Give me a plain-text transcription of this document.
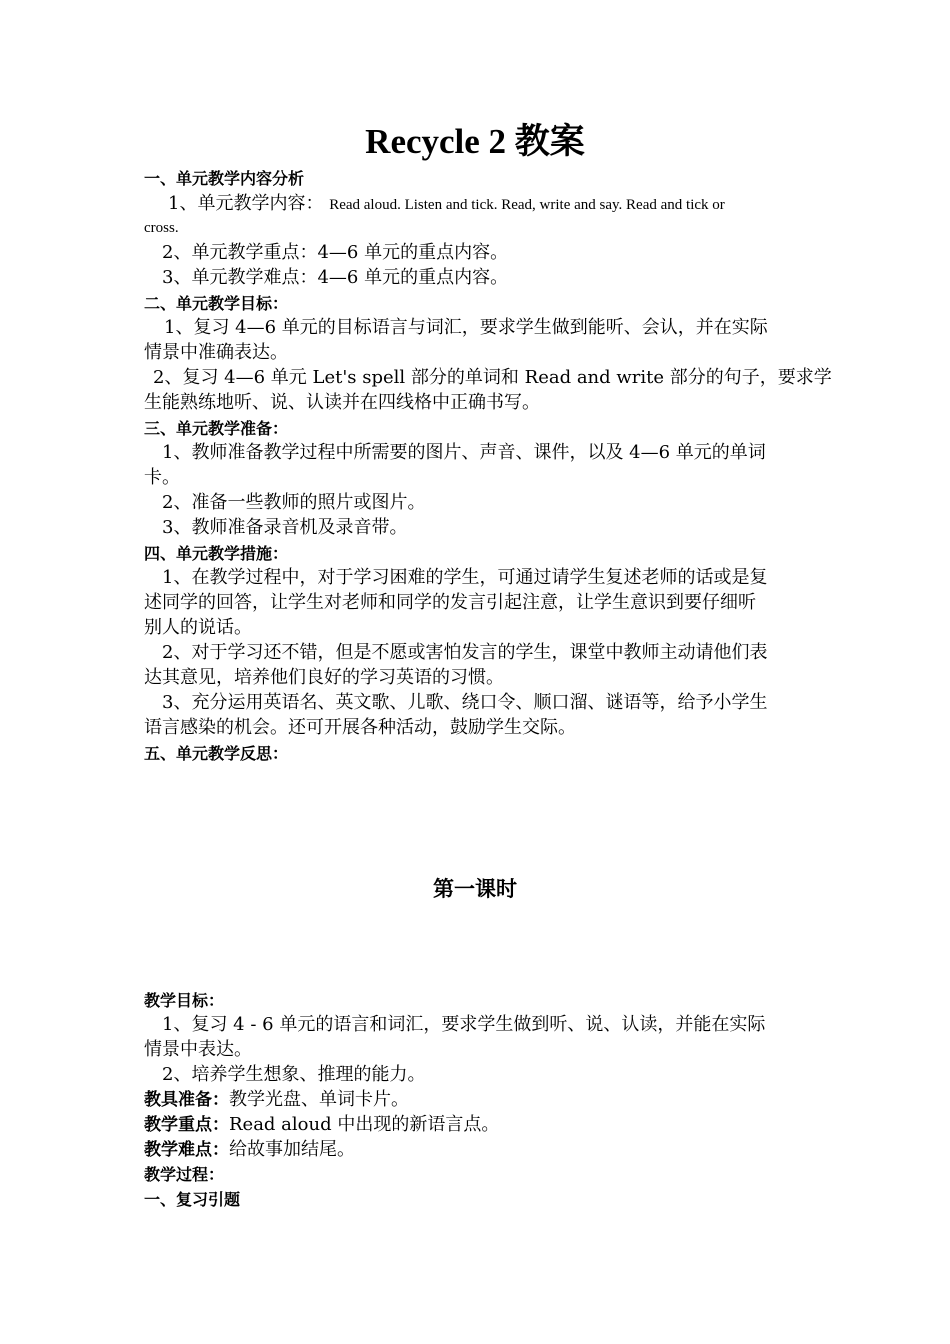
Recycle 2 教案
一、单元教学内容分析
1、单元教学内容： Read aloud. Listen and tick. Read, write and say. Read and tick or
cross.
2、单元教学重点：4—6 单元的重点内容。
3、单元教学难点：4—6 单元的重点内容。
二、单元教学目标：
1、复习 4—6 单元的目标语言与词汇，要求学生做到能听、会认，并在实际
情景中准确表达。
2、复习 4—6 单元 Let's spell 部分的单词和 Read and write 部分的句子，要求学
生能熟练地听、说、认读并在四线格中正确书写。
三、单元教学准备：
1、教师准备教学过程中所需要的图片、声音、课件，以及 4—6 单元的单词
卡。
2、准备一些教师的照片或图片。
3、教师准备录音机及录音带。
四、单元教学措施：
1、在教学过程中，对于学习困难的学生，可通过请学生复述老师的话或是复
述同学的回答，让学生对老师和同学的发言引起注意，让学生意识到要仔细听
别人的说话。
2、对于学习还不错，但是不愿或害怕发言的学生，课堂中教师主动请他们表
达其意见，培养他们良好的学习英语的习惯。
3、充分运用英语名、英文歌、儿歌、绕口令、顺口溜、谜语等，给予小学生
语言感染的机会。还可开展各种活动，鼓励学生交际。
五、单元教学反思：
第一课时
教学目标：
1、复习 4 - 6 单元的语言和词汇，要求学生做到听、说、认读，并能在实际
情景中表达。
2、培养学生想象、推理的能力。
教具准备：教学光盘、单词卡片。
教学重点：Read aloud 中出现的新语言点。
教学难点：给故事加结尾。
教学过程：
一、复习引题
